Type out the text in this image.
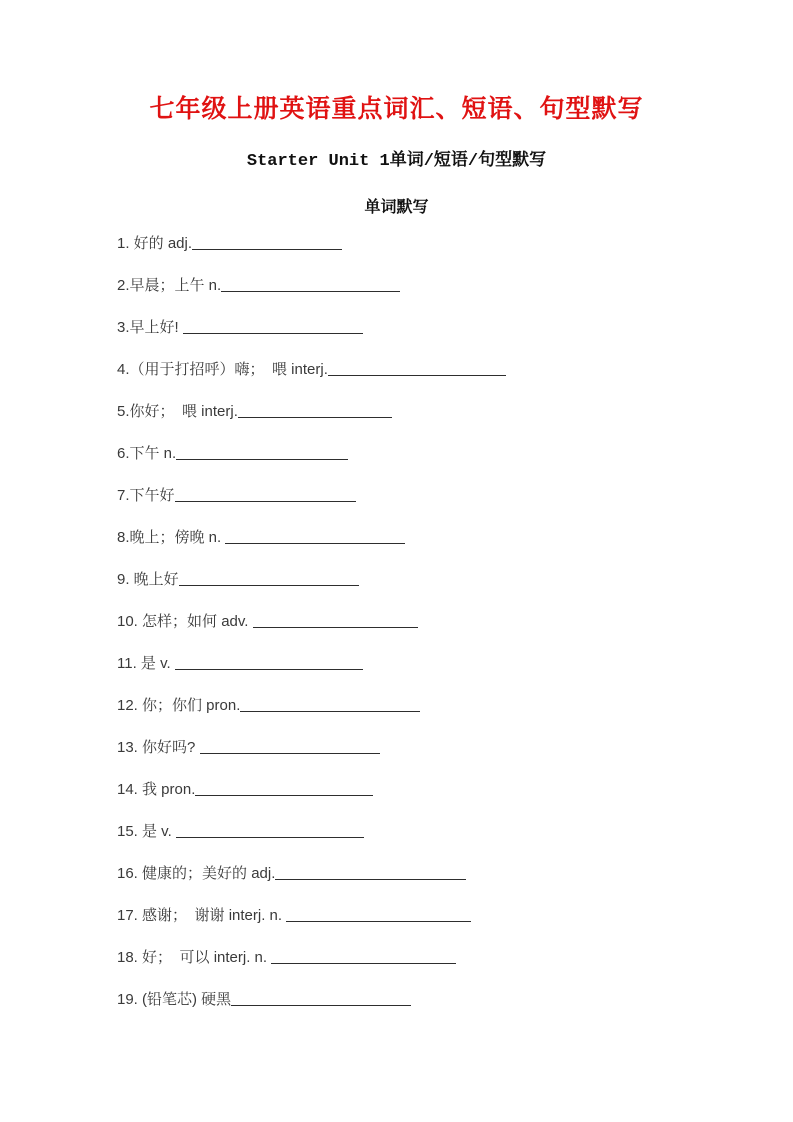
七年级上册英语重点词汇、短语、句型默写
Starter Unit 1单词/短语/句型默写
单词默写
1. 好的 adj.
2.早晨；上午 n.
3.早上好!
4.（用于打招呼）嗨；　喂 interj.
5.你好；　喂 interj.
6.下午 n.
7.下午好
8.晚上；傍晚 n.
9. 晚上好
10. 怎样；如何 adv.
11. 是 v.
12. 你；你们 pron.
13. 你好吗?
14. 我 pron.
15. 是 v.
16. 健康的；美好的 adj.
17. 感谢；　谢谢 interj. n.
18. 好；　可以 interj. n.
19. (铅笔芯) 硬黑
